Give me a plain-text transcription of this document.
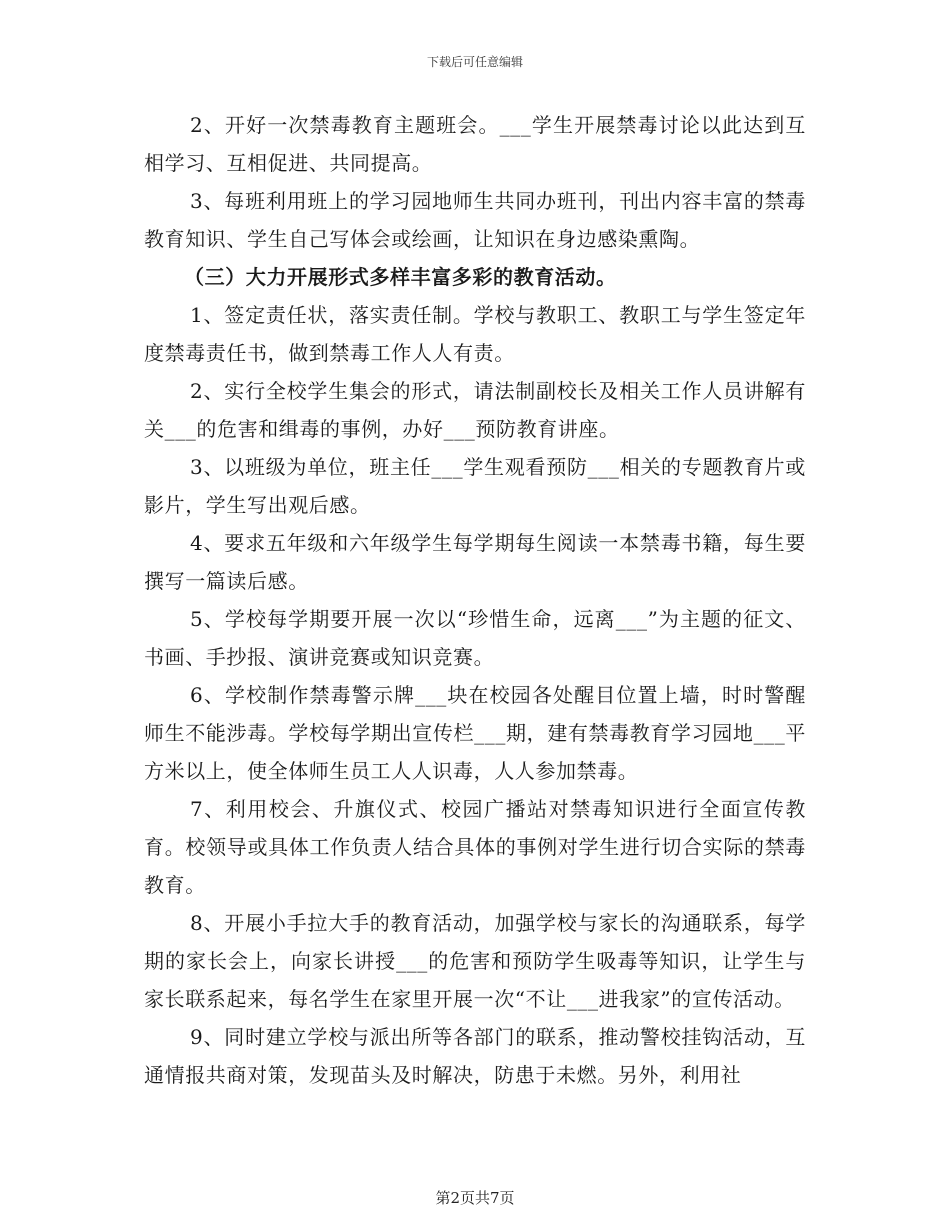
下载后可任意编辑

2、开好一次禁毒教育主题班会。___学生开展禁毒讨论以此达到互相学习、互相促进、共同提高。

3、每班利用班上的学习园地师生共同办班刊，刊出内容丰富的禁毒教育知识、学生自己写体会或绘画，让知识在身边感染熏陶。

（三）大力开展形式多样丰富多彩的教育活动。

1、签定责任状，落实责任制。学校与教职工、教职工与学生签定年度禁毒责任书，做到禁毒工作人人有责。

2、实行全校学生集会的形式，请法制副校长及相关工作人员讲解有关___的危害和缉毒的事例，办好___预防教育讲座。

3、以班级为单位，班主任___学生观看预防___相关的专题教育片或影片，学生写出观后感。

4、要求五年级和六年级学生每学期每生阅读一本禁毒书籍，每生要撰写一篇读后感。

5、学校每学期要开展一次以“珍惜生命，远离___”为主题的征文、书画、手抄报、演讲竞赛或知识竞赛。

6、学校制作禁毒警示牌___块在校园各处醒目位置上墙，时时警醒师生不能涉毒。学校每学期出宣传栏___期，建有禁毒教育学习园地___平方米以上，使全体师生员工人人识毒，人人参加禁毒。

7、利用校会、升旗仪式、校园广播站对禁毒知识进行全面宣传教育。校领导或具体工作负责人结合具体的事例对学生进行切合实际的禁毒教育。

8、开展小手拉大手的教育活动，加强学校与家长的沟通联系，每学期的家长会上，向家长讲授___的危害和预防学生吸毒等知识，让学生与家长联系起来，每名学生在家里开展一次“不让___进我家”的宣传活动。

9、同时建立学校与派出所等各部门的联系，推动警校挂钩活动，互通情报共商对策，发现苗头及时解决，防患于未燃。另外，利用社

第2页共7页
